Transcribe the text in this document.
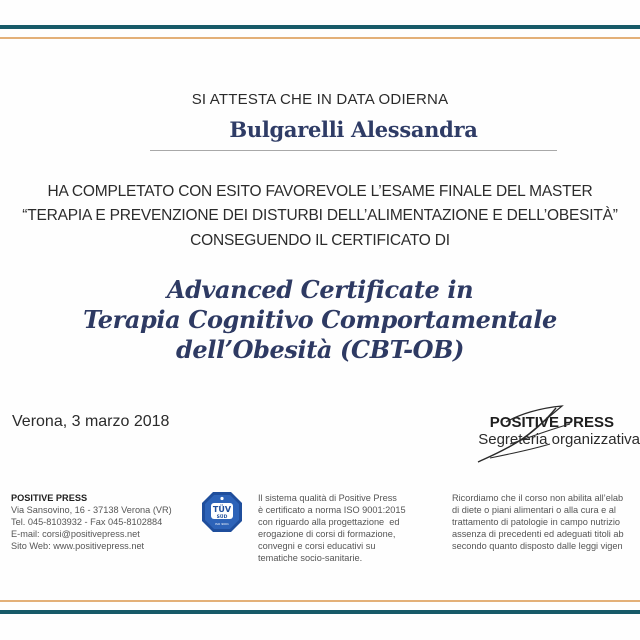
SI ATTESTA CHE IN DATA ODIERNA
Bulgarelli Alessandra
HA COMPLETATO CON ESITO FAVOREVOLE L’ESAME FINALE DEL MASTER
“TERAPIA E PREVENZIONE DEI DISTURBI DELL’ALIMENTAZIONE E DELL’OBESITÀ”
CONSEGUENDO IL CERTIFICATO DI
Advanced Certificate in
Terapia Cognitivo Comportamentale
dell’Obesità (CBT-OB)
Verona, 3 marzo 2018	POSITIVE PRESS
Segreteria organizzativa
POSITIVE PRESS
Via Sansovino, 16 - 37138 Verona (VR)
Tel. 045-8103932 - Fax 045-8102884
E-mail: corsi@positivepress.net
Sito Web: www.positivepress.net
TÜV
SÜD
ISO 9001
Il sistema qualità di Positive Press
è certificato a norma ISO 9001:2015
con riguardo alla progettazione  ed
erogazione di corsi di formazione,
convegni e corsi educativi su
tematiche socio-sanitarie.
Ricordiamo che il corso non abilita all’elab
di diete o piani alimentari o alla cura e al
trattamento di patologie in campo nutrizio
assenza di precedenti ed adeguati titoli ab
secondo quanto disposto dalle leggi vigen
